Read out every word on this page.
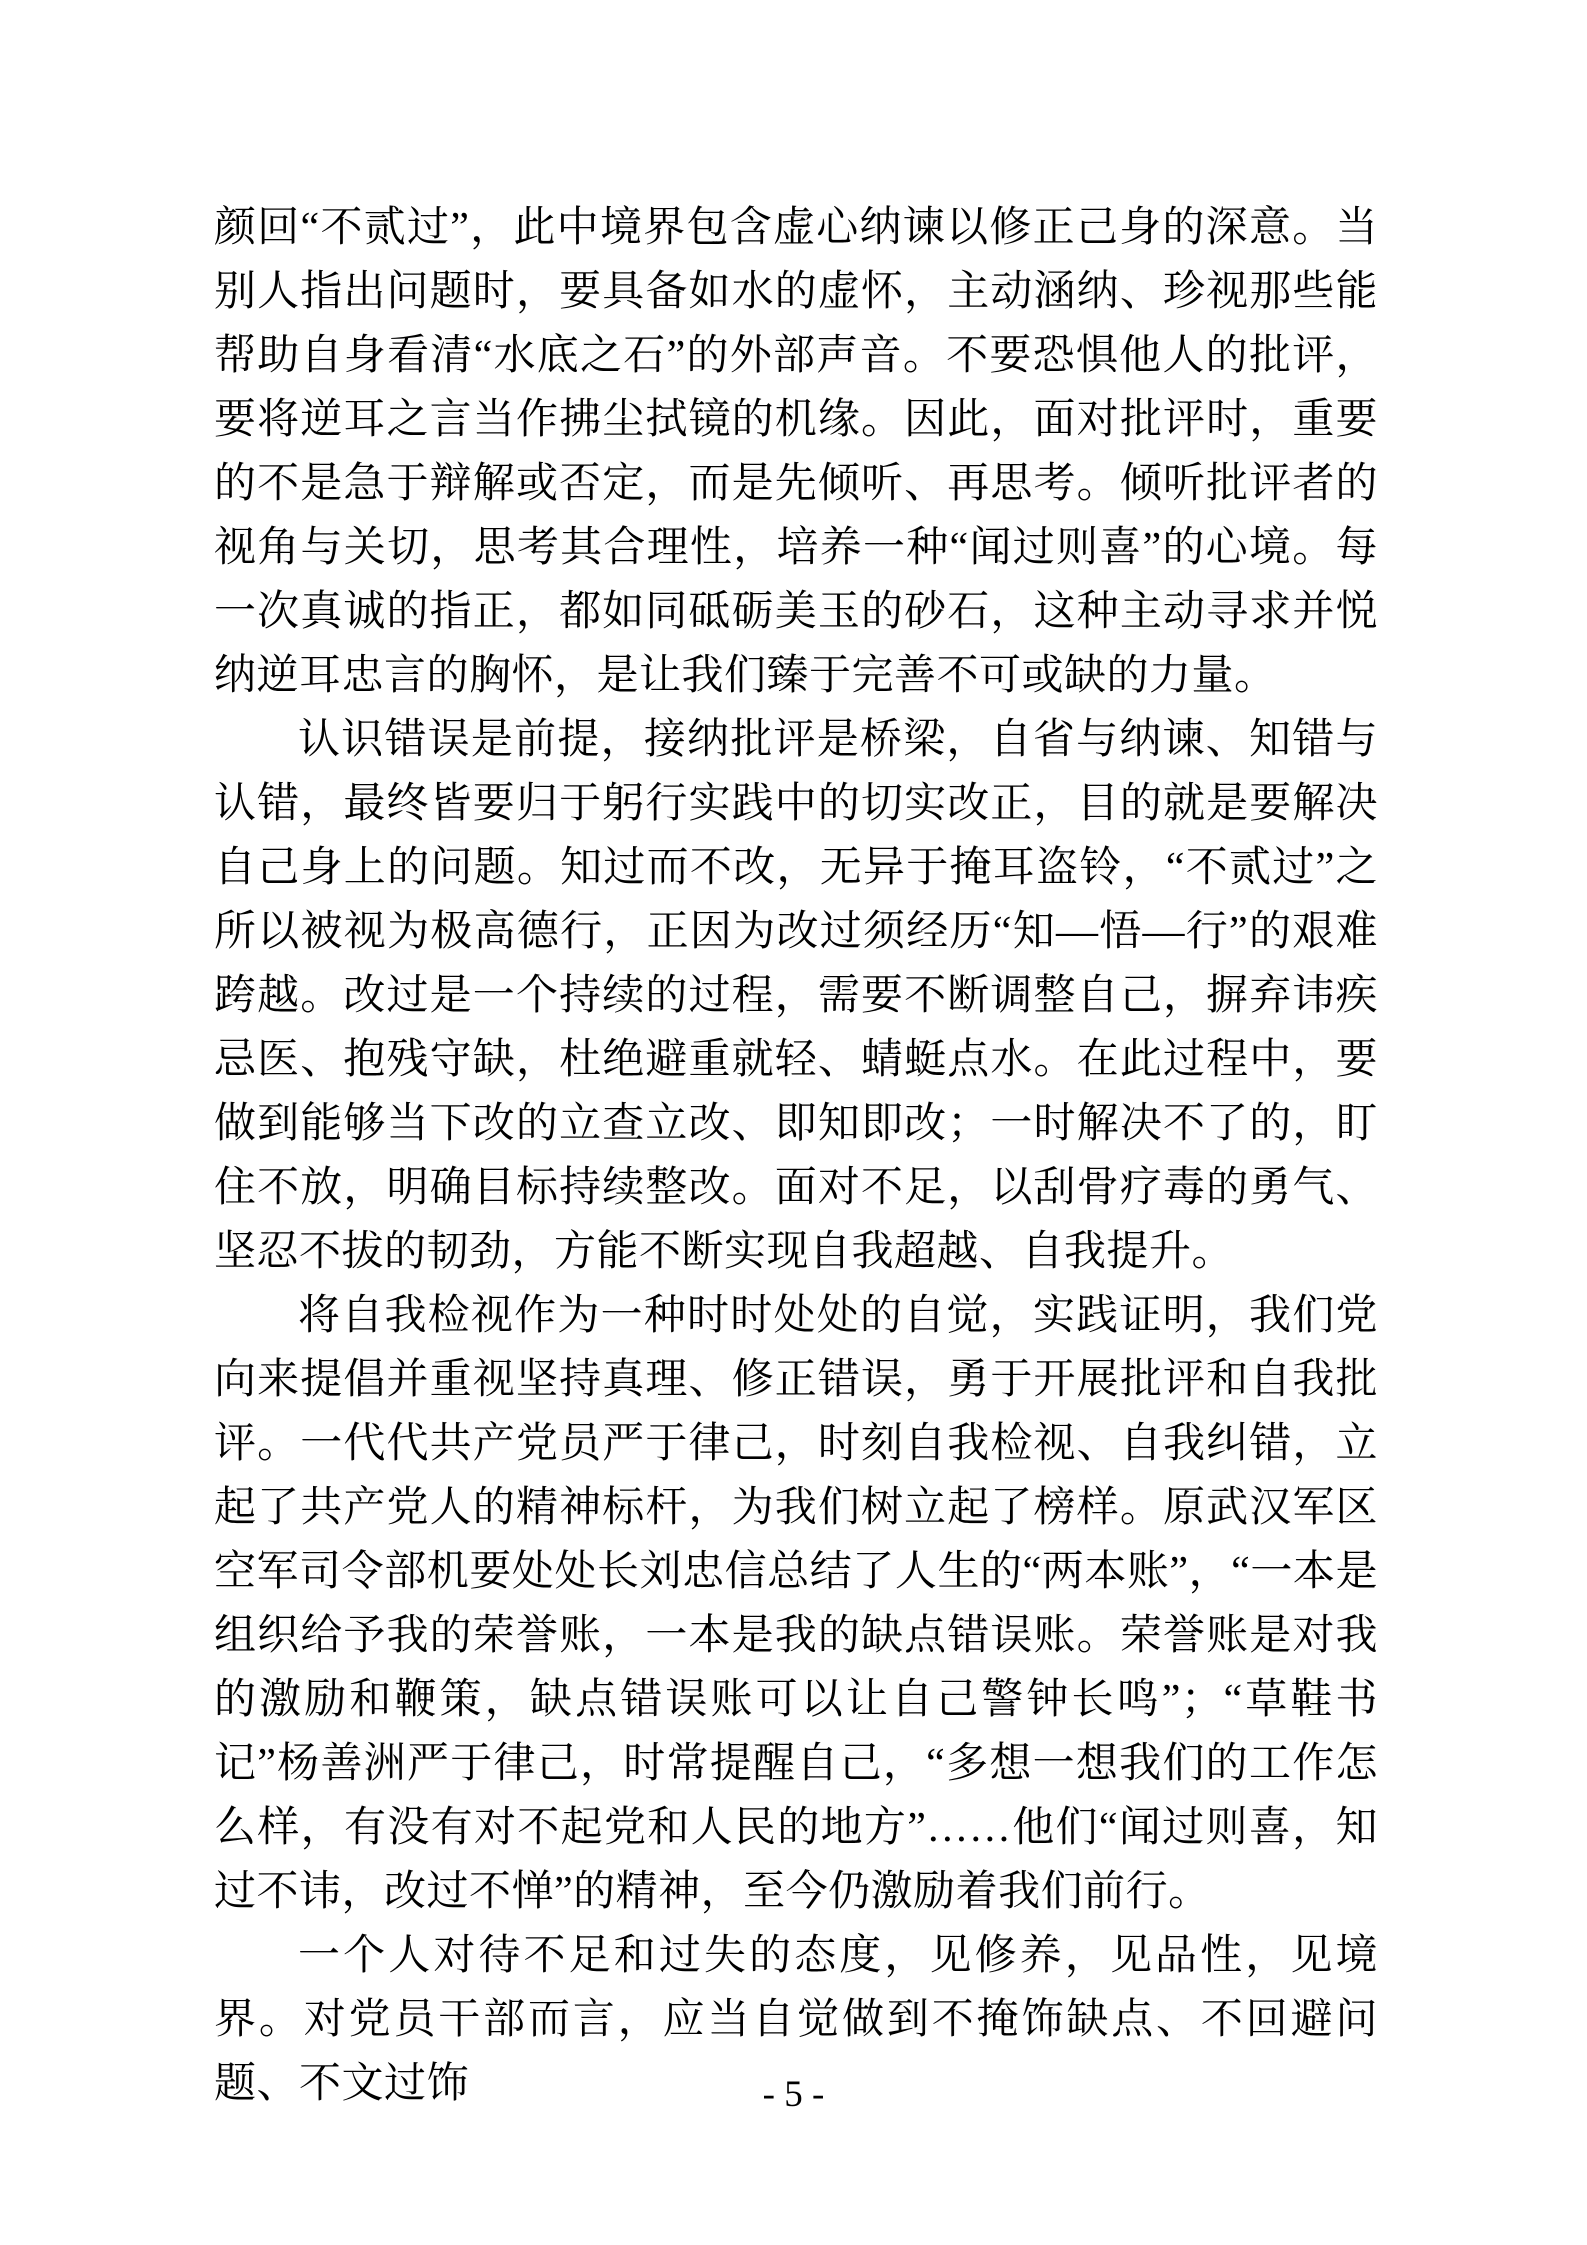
颜回“不贰过”，此中境界包含虚心纳谏以修正己身的深意。当别人指出问题时，要具备如水的虚怀，主动涵纳、珍视那些能帮助自身看清“水底之石”的外部声音。不要恐惧他人的批评，要将逆耳之言当作拂尘拭镜的机缘。因此，面对批评时，重要的不是急于辩解或否定，而是先倾听、再思考。倾听批评者的视角与关切，思考其合理性，培养一种“闻过则喜”的心境。每一次真诚的指正，都如同砥砺美玉的砂石，这种主动寻求并悦纳逆耳忠言的胸怀，是让我们臻于完善不可或缺的力量。

认识错误是前提，接纳批评是桥梁，自省与纳谏、知错与认错，最终皆要归于躬行实践中的切实改正，目的就是要解决自己身上的问题。知过而不改，无异于掩耳盗铃，“不贰过”之所以被视为极高德行，正因为改过须经历“知—悟—行”的艰难跨越。改过是一个持续的过程，需要不断调整自己，摒弃讳疾忌医、抱残守缺，杜绝避重就轻、蜻蜓点水。在此过程中，要做到能够当下改的立查立改、即知即改；一时解决不了的，盯住不放，明确目标持续整改。面对不足，以刮骨疗毒的勇气、坚忍不拔的韧劲，方能不断实现自我超越、自我提升。

将自我检视作为一种时时处处的自觉，实践证明，我们党向来提倡并重视坚持真理、修正错误，勇于开展批评和自我批评。一代代共产党员严于律己，时刻自我检视、自我纠错，立起了共产党人的精神标杆，为我们树立起了榜样。原武汉军区空军司令部机要处处长刘忠信总结了人生的“两本账”，“一本是组织给予我的荣誉账，一本是我的缺点错误账。荣誉账是对我的激励和鞭策，缺点错误账可以让自己警钟长鸣”；“草鞋书记”杨善洲严于律己，时常提醒自己，“多想一想我们的工作怎么样，有没有对不起党和人民的地方”……他们“闻过则喜，知过不讳，改过不惮”的精神，至今仍激励着我们前行。

一个人对待不足和过失的态度，见修养，见品性，见境界。对党员干部而言，应当自觉做到不掩饰缺点、不回避问题、不文过饰	- 5 -
